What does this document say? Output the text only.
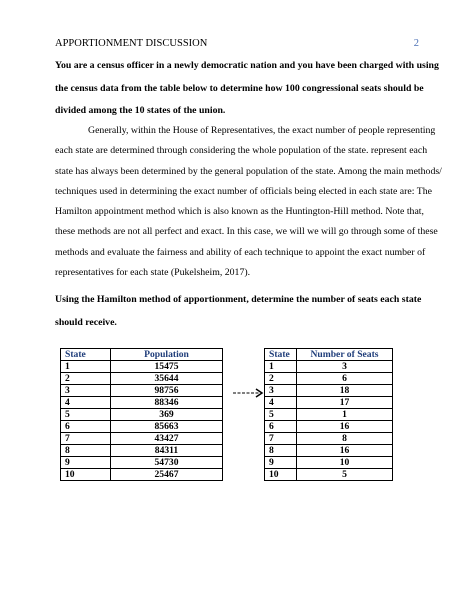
APPORTIONMENT DISCUSSION	2

You are a census officer in a newly democratic nation and you have been charged with using
the census data from the table below to determine how 100 congressional seats should be
divided among the 10 states of the union.

Generally, within the House of Representatives, the exact number of people representing
each state are determined through considering the whole population of the state. represent each
state has always been determined by the general population of the state. Among the main methods/
techniques used in determining the exact number of officials being elected in each state are: The
Hamilton appointment method which is also known as the Huntington-Hill method. Note that,
these methods are not all perfect and exact. In this case, we will we will go through some of these
methods and evaluate the fairness and ability of each technique to appoint the exact number of
representatives for each state (Pukelsheim, 2017).

Using the Hamilton method of apportionment, determine the number of seats each state
should receive.

State	Population
1	15475
2	35644
3	98756
4	88346
5	369
6	85663
7	43427
8	84311
9	54730
10	25467
State	Number of Seats
1	3
2	6
3	18
4	17
5	1
6	16
7	8
8	16
9	10
10	5
